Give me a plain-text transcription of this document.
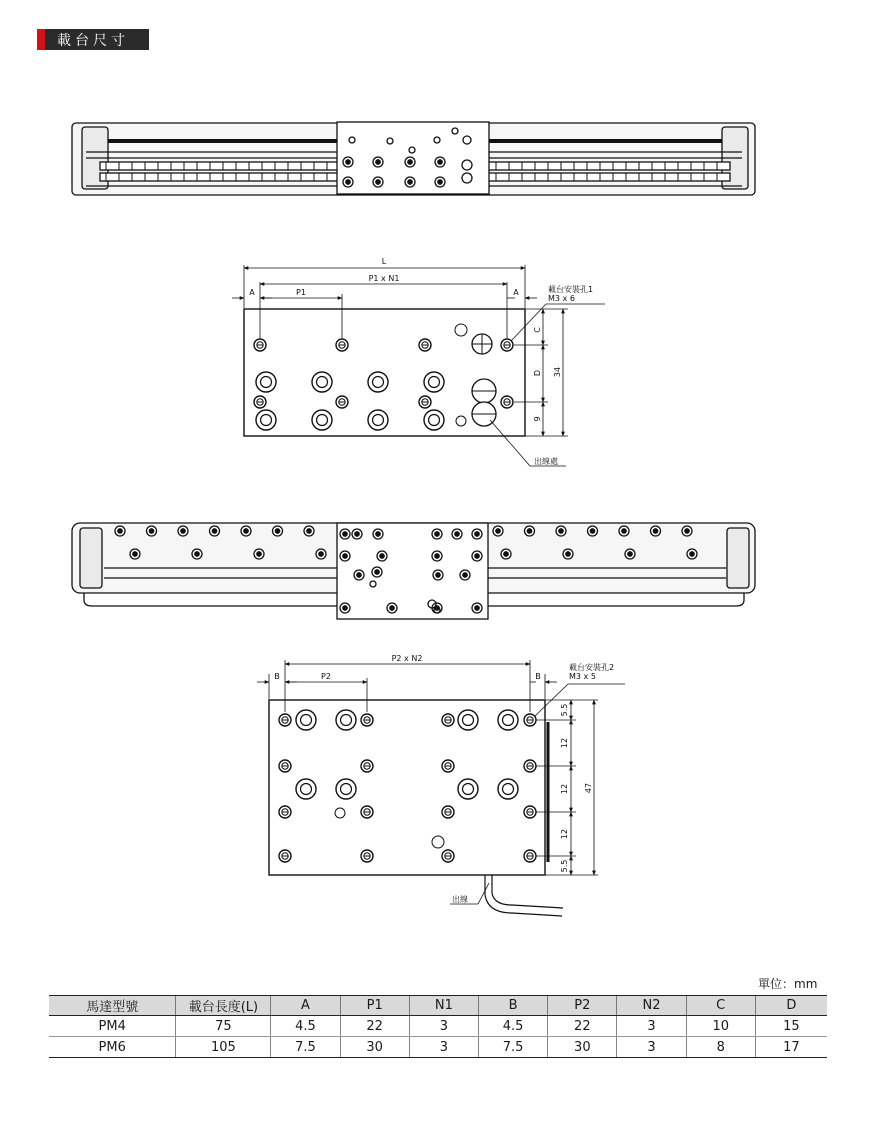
載台尺寸
L
P1 x N1
P1
A	A	載台安裝孔1
M3 x 6
C
D
9
34
出線處
P2 x N2
P2
B	B
載台安裝孔2
M3 x 5
5.5
12
12
12
5.5
47
出線
單位：mm
馬達型號	載台長度(L)	A	P1	N1	B	P2	N2	C	D
PM4	75	4.5	22	3	4.5	22	3	10	15
PM6	105	7.5	30	3	7.5	30	3	8	17
